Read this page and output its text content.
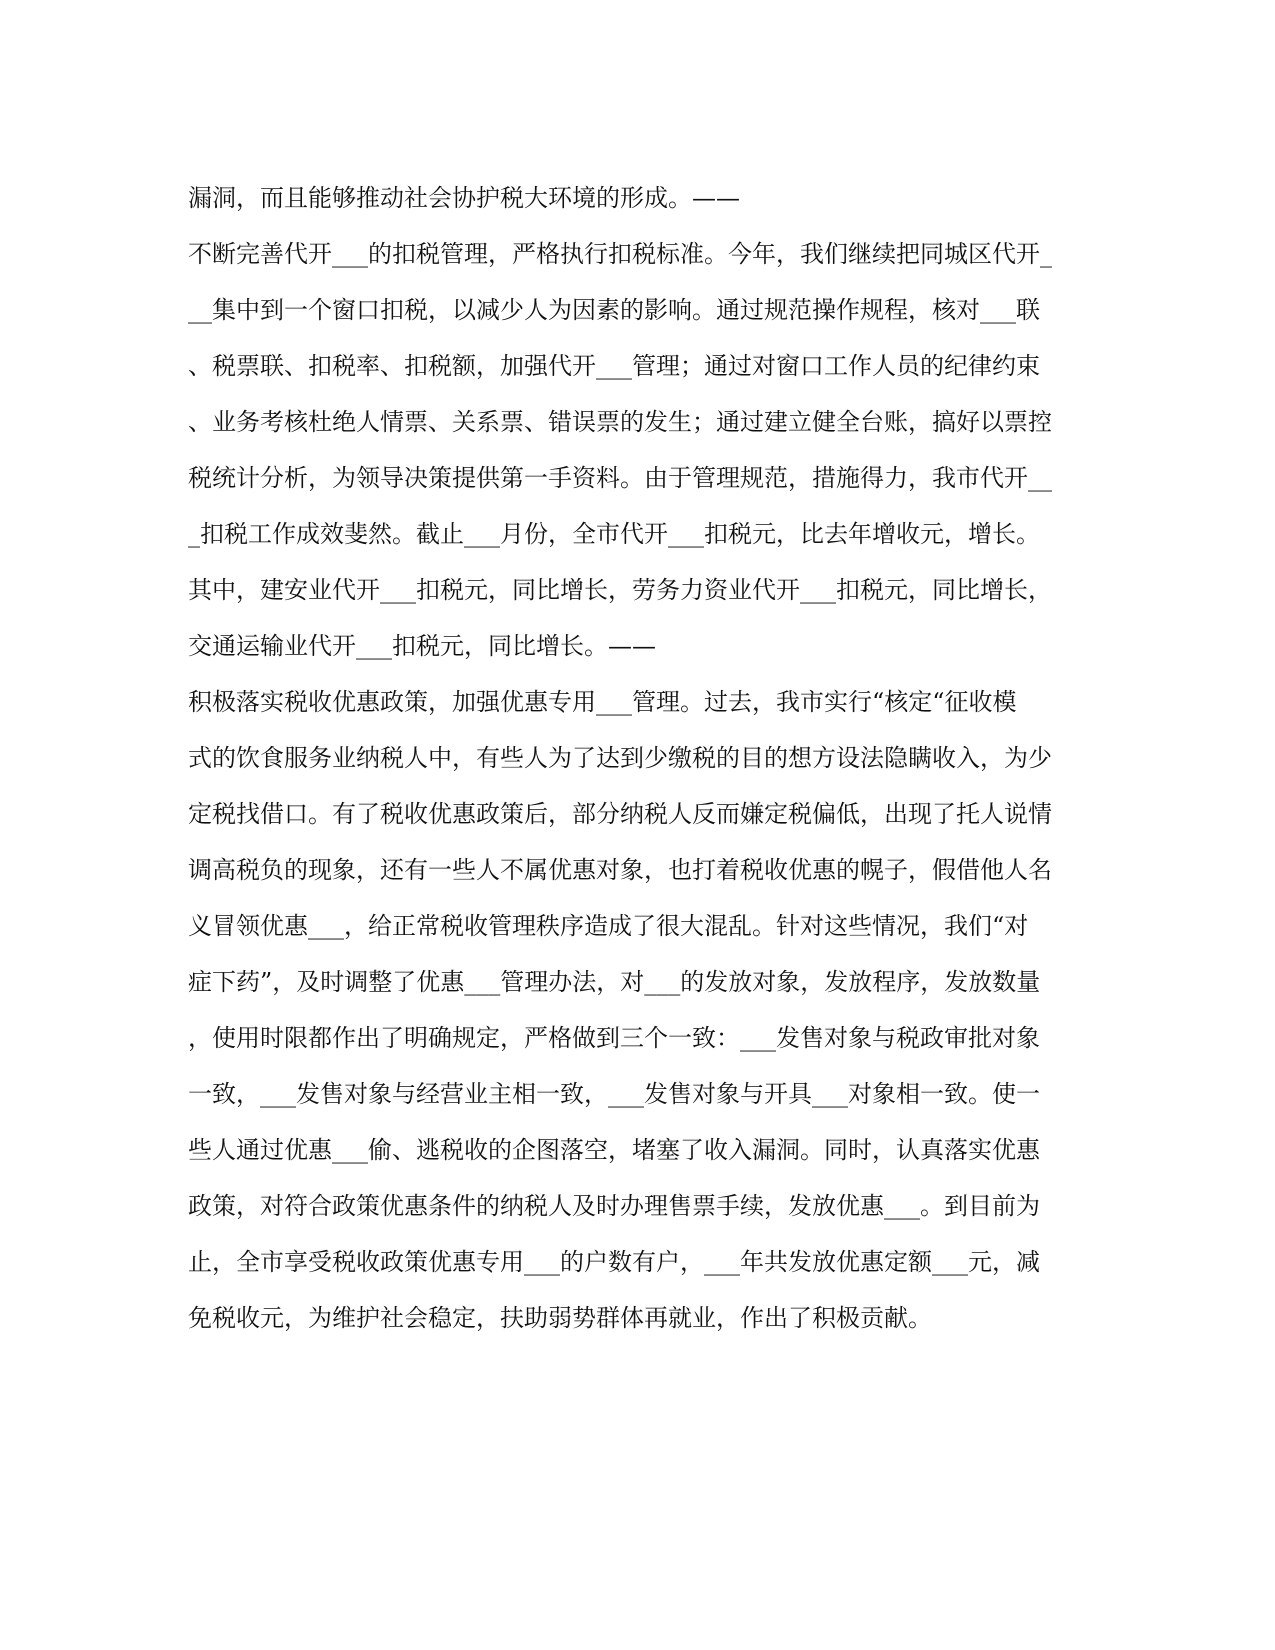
漏洞，而且能够推动社会协护税大环境的形成。——
不断完善代开___的扣税管理，严格执行扣税标准。今年，我们继续把同城区代开_
__集中到一个窗口扣税，以减少人为因素的影响。通过规范操作规程，核对___联
、税票联、扣税率、扣税额，加强代开___管理；通过对窗口工作人员的纪律约束
、业务考核杜绝人情票、关系票、错误票的发生；通过建立健全台账，搞好以票控
税统计分析，为领导决策提供第一手资料。由于管理规范，措施得力，我市代开__
_扣税工作成效斐然。截止___月份，全市代开___扣税元，比去年增收元，增长。
其中，建安业代开___扣税元，同比增长，劳务力资业代开___扣税元，同比增长，
交通运输业代开___扣税元，同比增长。——
积极落实税收优惠政策，加强优惠专用___管理。过去，我市实行“核定“征收模
式的饮食服务业纳税人中，有些人为了达到少缴税的目的想方设法隐瞒收入，为少
定税找借口。有了税收优惠政策后，部分纳税人反而嫌定税偏低，出现了托人说情
调高税负的现象，还有一些人不属优惠对象，也打着税收优惠的幌子，假借他人名
义冒领优惠___，给正常税收管理秩序造成了很大混乱。针对这些情况，我们“对
症下药”，及时调整了优惠___管理办法，对___的发放对象，发放程序，发放数量
，使用时限都作出了明确规定，严格做到三个一致：___发售对象与税政审批对象
一致，___发售对象与经营业主相一致，___发售对象与开具___对象相一致。使一
些人通过优惠___偷、逃税收的企图落空，堵塞了收入漏洞。同时，认真落实优惠
政策，对符合政策优惠条件的纳税人及时办理售票手续，发放优惠___。到目前为
止，全市享受税收政策优惠专用___的户数有户，___年共发放优惠定额___元，减
免税收元，为维护社会稳定，扶助弱势群体再就业，作出了积极贡献。
